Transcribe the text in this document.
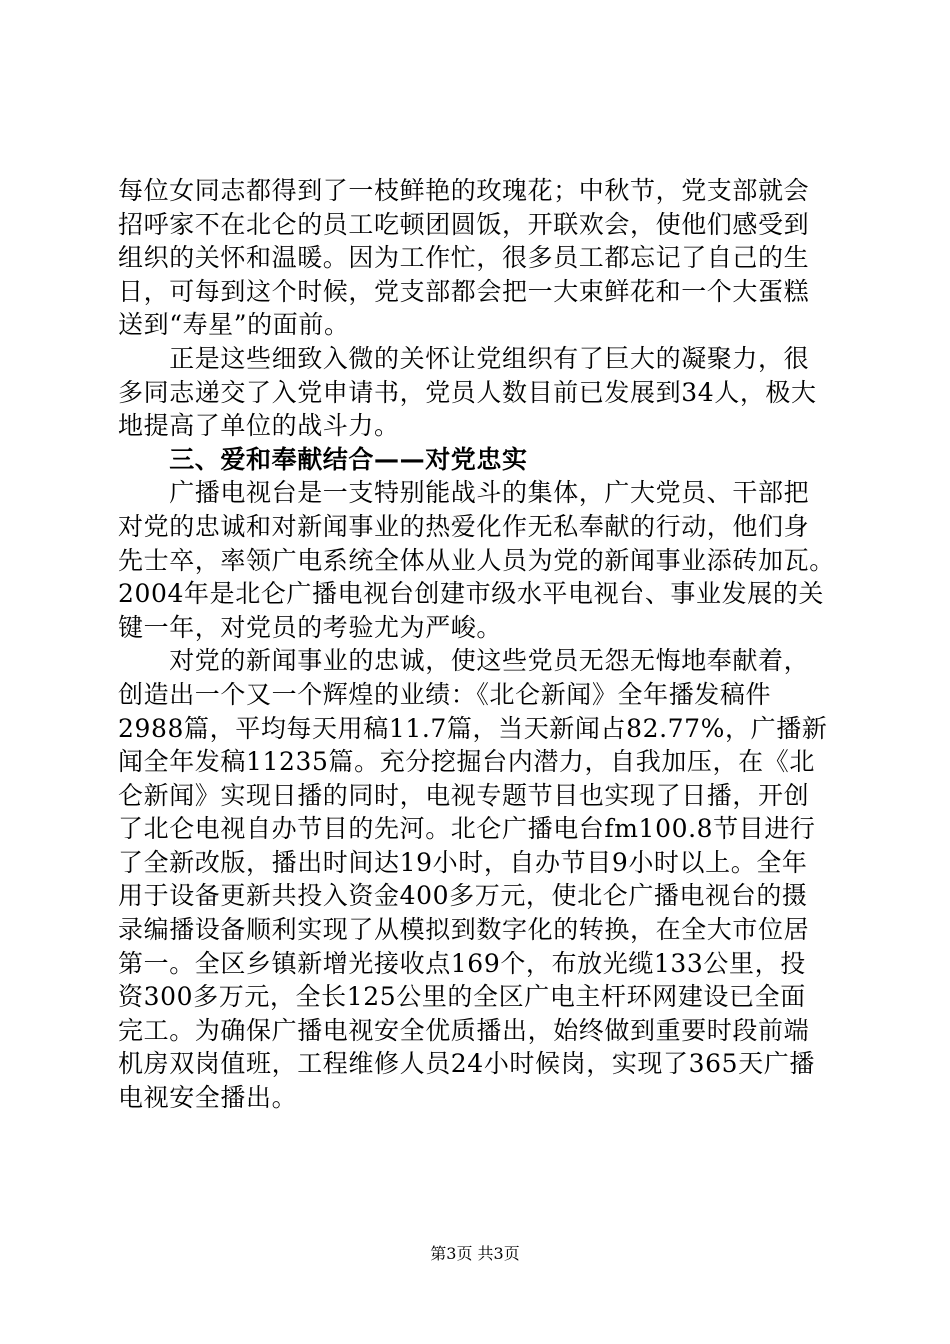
每位女同志都得到了一枝鲜艳的玫瑰花；中秋节，党支部就会
招呼家不在北仑的员工吃顿团圆饭，开联欢会，使他们感受到
组织的关怀和温暖。因为工作忙，很多员工都忘记了自己的生
日，可每到这个时候，党支部都会把一大束鲜花和一个大蛋糕
送到“寿星”的面前。
　　正是这些细致入微的关怀让党组织有了巨大的凝聚力，很
多同志递交了入党申请书，党员人数目前已发展到34人，极大
地提高了单位的战斗力。
　　三、爱和奉献结合——对党忠实
　　广播电视台是一支特别能战斗的集体，广大党员、干部把
对党的忠诚和对新闻事业的热爱化作无私奉献的行动，他们身
先士卒，率领广电系统全体从业人员为党的新闻事业添砖加瓦。
2004年是北仑广播电视台创建市级水平电视台、事业发展的关
键一年，对党员的考验尤为严峻。
　　对党的新闻事业的忠诚，使这些党员无怨无悔地奉献着，
创造出一个又一个辉煌的业绩：《北仑新闻》全年播发稿件
2988篇，平均每天用稿11.7篇，当天新闻占82.77%，广播新
闻全年发稿11235篇。充分挖掘台内潜力，自我加压，在《北
仑新闻》实现日播的同时，电视专题节目也实现了日播，开创
了北仑电视自办节目的先河。北仑广播电台fm100.8节目进行
了全新改版，播出时间达19小时，自办节目9小时以上。全年
用于设备更新共投入资金400多万元，使北仑广播电视台的摄
录编播设备顺利实现了从模拟到数字化的转换，在全大市位居
第一。全区乡镇新增光接收点169个，布放光缆133公里，投
资300多万元，全长125公里的全区广电主杆环网建设已全面
完工。为确保广播电视安全优质播出，始终做到重要时段前端
机房双岗值班，工程维修人员24小时候岗，实现了365天广播
电视安全播出。
第3页 共3页
